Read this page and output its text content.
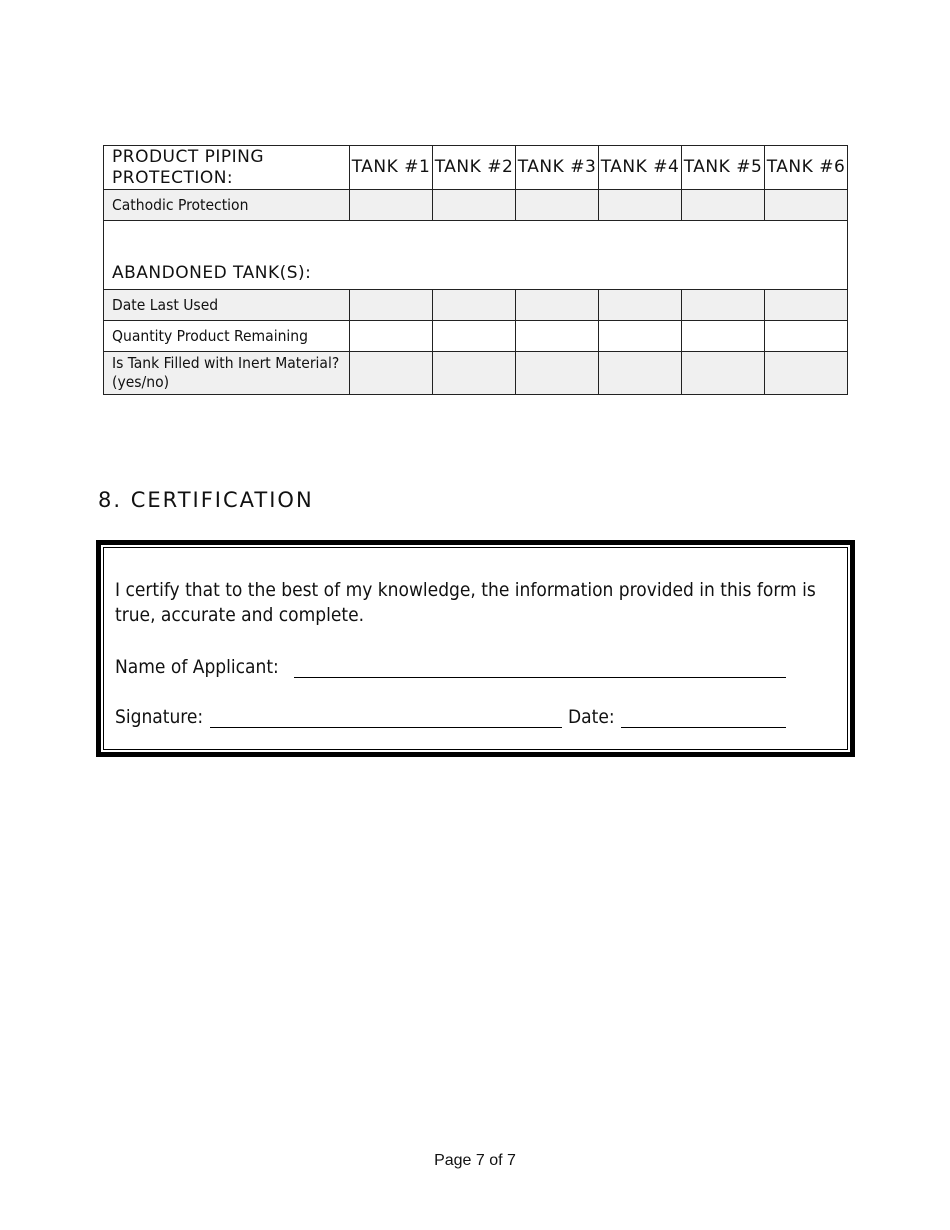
PRODUCT PIPING PROTECTION:	TANK #1	TANK #2	TANK #3	TANK #4	TANK #5	TANK #6
Cathodic Protection						
ABANDONED TANK(S):						
Date Last Used						
Quantity Product Remaining						
Is Tank Filled with Inert Material? (yes/no)						
8. CERTIFICATION

I certify that to the best of my knowledge, the information provided in this form is true, accurate and complete.

Name of Applicant:
Signature:	Date:
Page 7 of 7
